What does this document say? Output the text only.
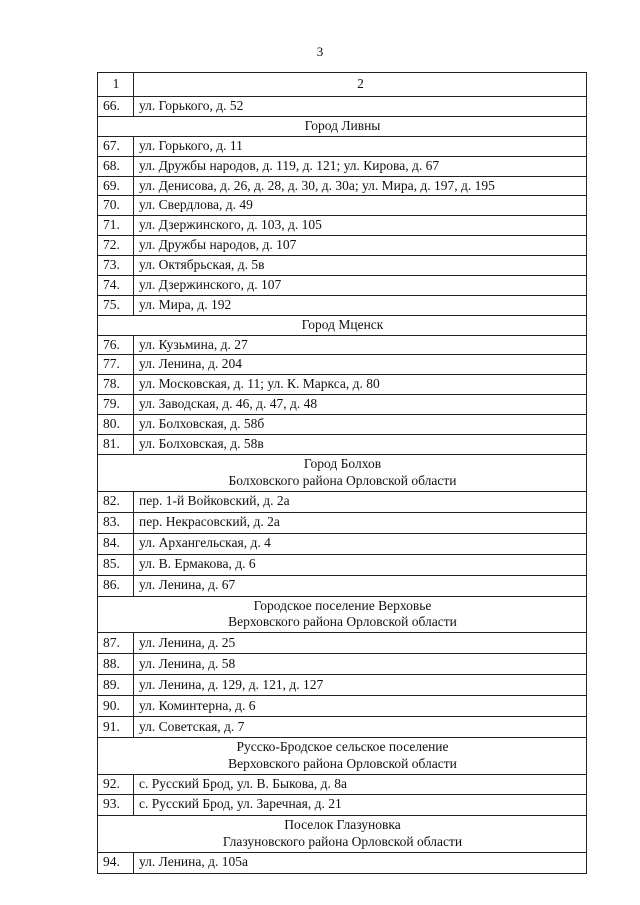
3
1	2
66.	ул. Горького, д. 52

Город Ливны	

67.	ул. Горького, д. 11
68.	ул. Дружбы народов, д. 119, д. 121; ул. Кирова, д. 67
69.	ул. Денисова, д. 26, д. 28, д. 30, д. 30а; ул. Мира, д. 197, д. 195
70.	ул. Свердлова, д. 49
71.	ул. Дзержинского, д. 103, д. 105
72.	ул. Дружбы народов, д. 107
73.	ул. Октябрьская, д. 5в
74.	ул. Дзержинского, д. 107
75.	ул. Мира, д. 192

Город Мценск	

76.	ул. Кузьмина, д. 27
77.	ул. Ленина, д. 204
78.	ул. Московская, д. 11; ул. К. Маркса, д. 80
79.	ул. Заводская, д. 46, д. 47, д. 48
80.	ул. Болховская, д. 58б
81.	ул. Болховская, д. 58в

Город Болхов
Болховского района Орловской области	

82.	пер. 1-й Войковский, д. 2а
83.	пер. Некрасовский, д. 2а
84.	ул. Архангельская, д. 4
85.	ул. В. Ермакова, д. 6
86.	ул. Ленина, д. 67

Городское поселение Верховье
Верховского района Орловской области	

87.	ул. Ленина, д. 25
88.	ул. Ленина, д. 58
89.	ул. Ленина, д. 129, д. 121, д. 127
90.	ул. Коминтерна, д. 6
91.	ул. Советская, д. 7

Русско-Бродское сельское поселение
Верховского района Орловской области	

92.	с. Русский Брод, ул. В. Быкова, д. 8а
93.	с. Русский Брод, ул. Заречная, д. 21

Поселок Глазуновка
Глазуновского района Орловской области	

94.	ул. Ленина, д. 105а
